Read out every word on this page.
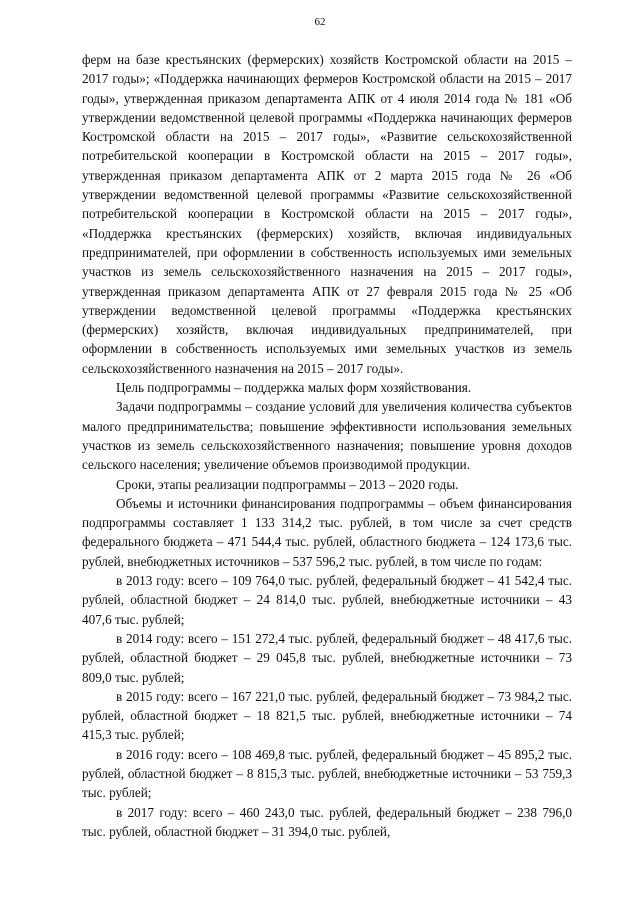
62

ферм на базе крестьянских (фермерских) хозяйств Костромской области на 2015 – 2017 годы»; «Поддержка начинающих фермеров Костромской области на 2015 – 2017 годы», утвержденная приказом департамента АПК от 4 июля 2014 года № 181 «Об утверждении ведомственной целевой программы «Поддержка начинающих фермеров Костромской области на 2015 – 2017 годы», «Развитие сельскохозяйственной потребительской кооперации в Костромской области на 2015 – 2017 годы», утвержденная приказом департамента АПК от 2 марта 2015 года № 26 «Об утверждении ведомственной целевой программы «Развитие сельскохозяйственной потребительской кооперации в Костромской области на 2015 – 2017 годы», «Поддержка крестьянских (фермерских) хозяйств, включая индивидуальных предпринимателей, при оформлении в собственность используемых ими земельных участков из земель сельскохозяйственного назначения на 2015 – 2017 годы», утвержденная приказом департамента АПК от 27 февраля 2015 года № 25 «Об утверждении ведомственной целевой программы «Поддержка крестьянских (фермерских) хозяйств, включая индивидуальных предпринимателей, при оформлении в собственность используемых ими земельных участков из земель сельскохозяйственного назначения на 2015 – 2017 годы».

Цель подпрограммы – поддержка малых форм хозяйствования.

Задачи подпрограммы – создание условий для увеличения количества субъектов малого предпринимательства; повышение эффективности использования земельных участков из земель сельскохозяйственного назначения; повышение уровня доходов сельского населения; увеличение объемов производимой продукции.

Сроки, этапы реализации подпрограммы – 2013 – 2020 годы.

Объемы и источники финансирования подпрограммы – объем финансирования подпрограммы составляет 1 133 314,2 тыс. рублей, в том числе за счет средств федерального бюджета – 471 544,4 тыс. рублей, областного бюджета – 124 173,6 тыс. рублей, внебюджетных источников – 537 596,2 тыс. рублей, в том числе по годам:

в 2013 году: всего – 109 764,0 тыс. рублей, федеральный бюджет – 41 542,4 тыс. рублей, областной бюджет – 24 814,0 тыс. рублей, внебюджетные источники – 43 407,6 тыс. рублей;

в 2014 году: всего – 151 272,4 тыс. рублей, федеральный бюджет – 48 417,6 тыс. рублей, областной бюджет – 29 045,8 тыс. рублей, внебюджетные источники – 73 809,0 тыс. рублей;

в 2015 году: всего – 167 221,0 тыс. рублей, федеральный бюджет – 73 984,2 тыс. рублей, областной бюджет – 18 821,5 тыс. рублей, внебюджетные источники – 74 415,3 тыс. рублей;

в 2016 году: всего – 108 469,8 тыс. рублей, федеральный бюджет – 45 895,2 тыс. рублей, областной бюджет – 8 815,3 тыс. рублей, внебюджетные источники – 53 759,3 тыс. рублей;

в 2017 году: всего – 460 243,0 тыс. рублей, федеральный бюджет – 238 796,0 тыс. рублей, областной бюджет – 31 394,0 тыс. рублей,
